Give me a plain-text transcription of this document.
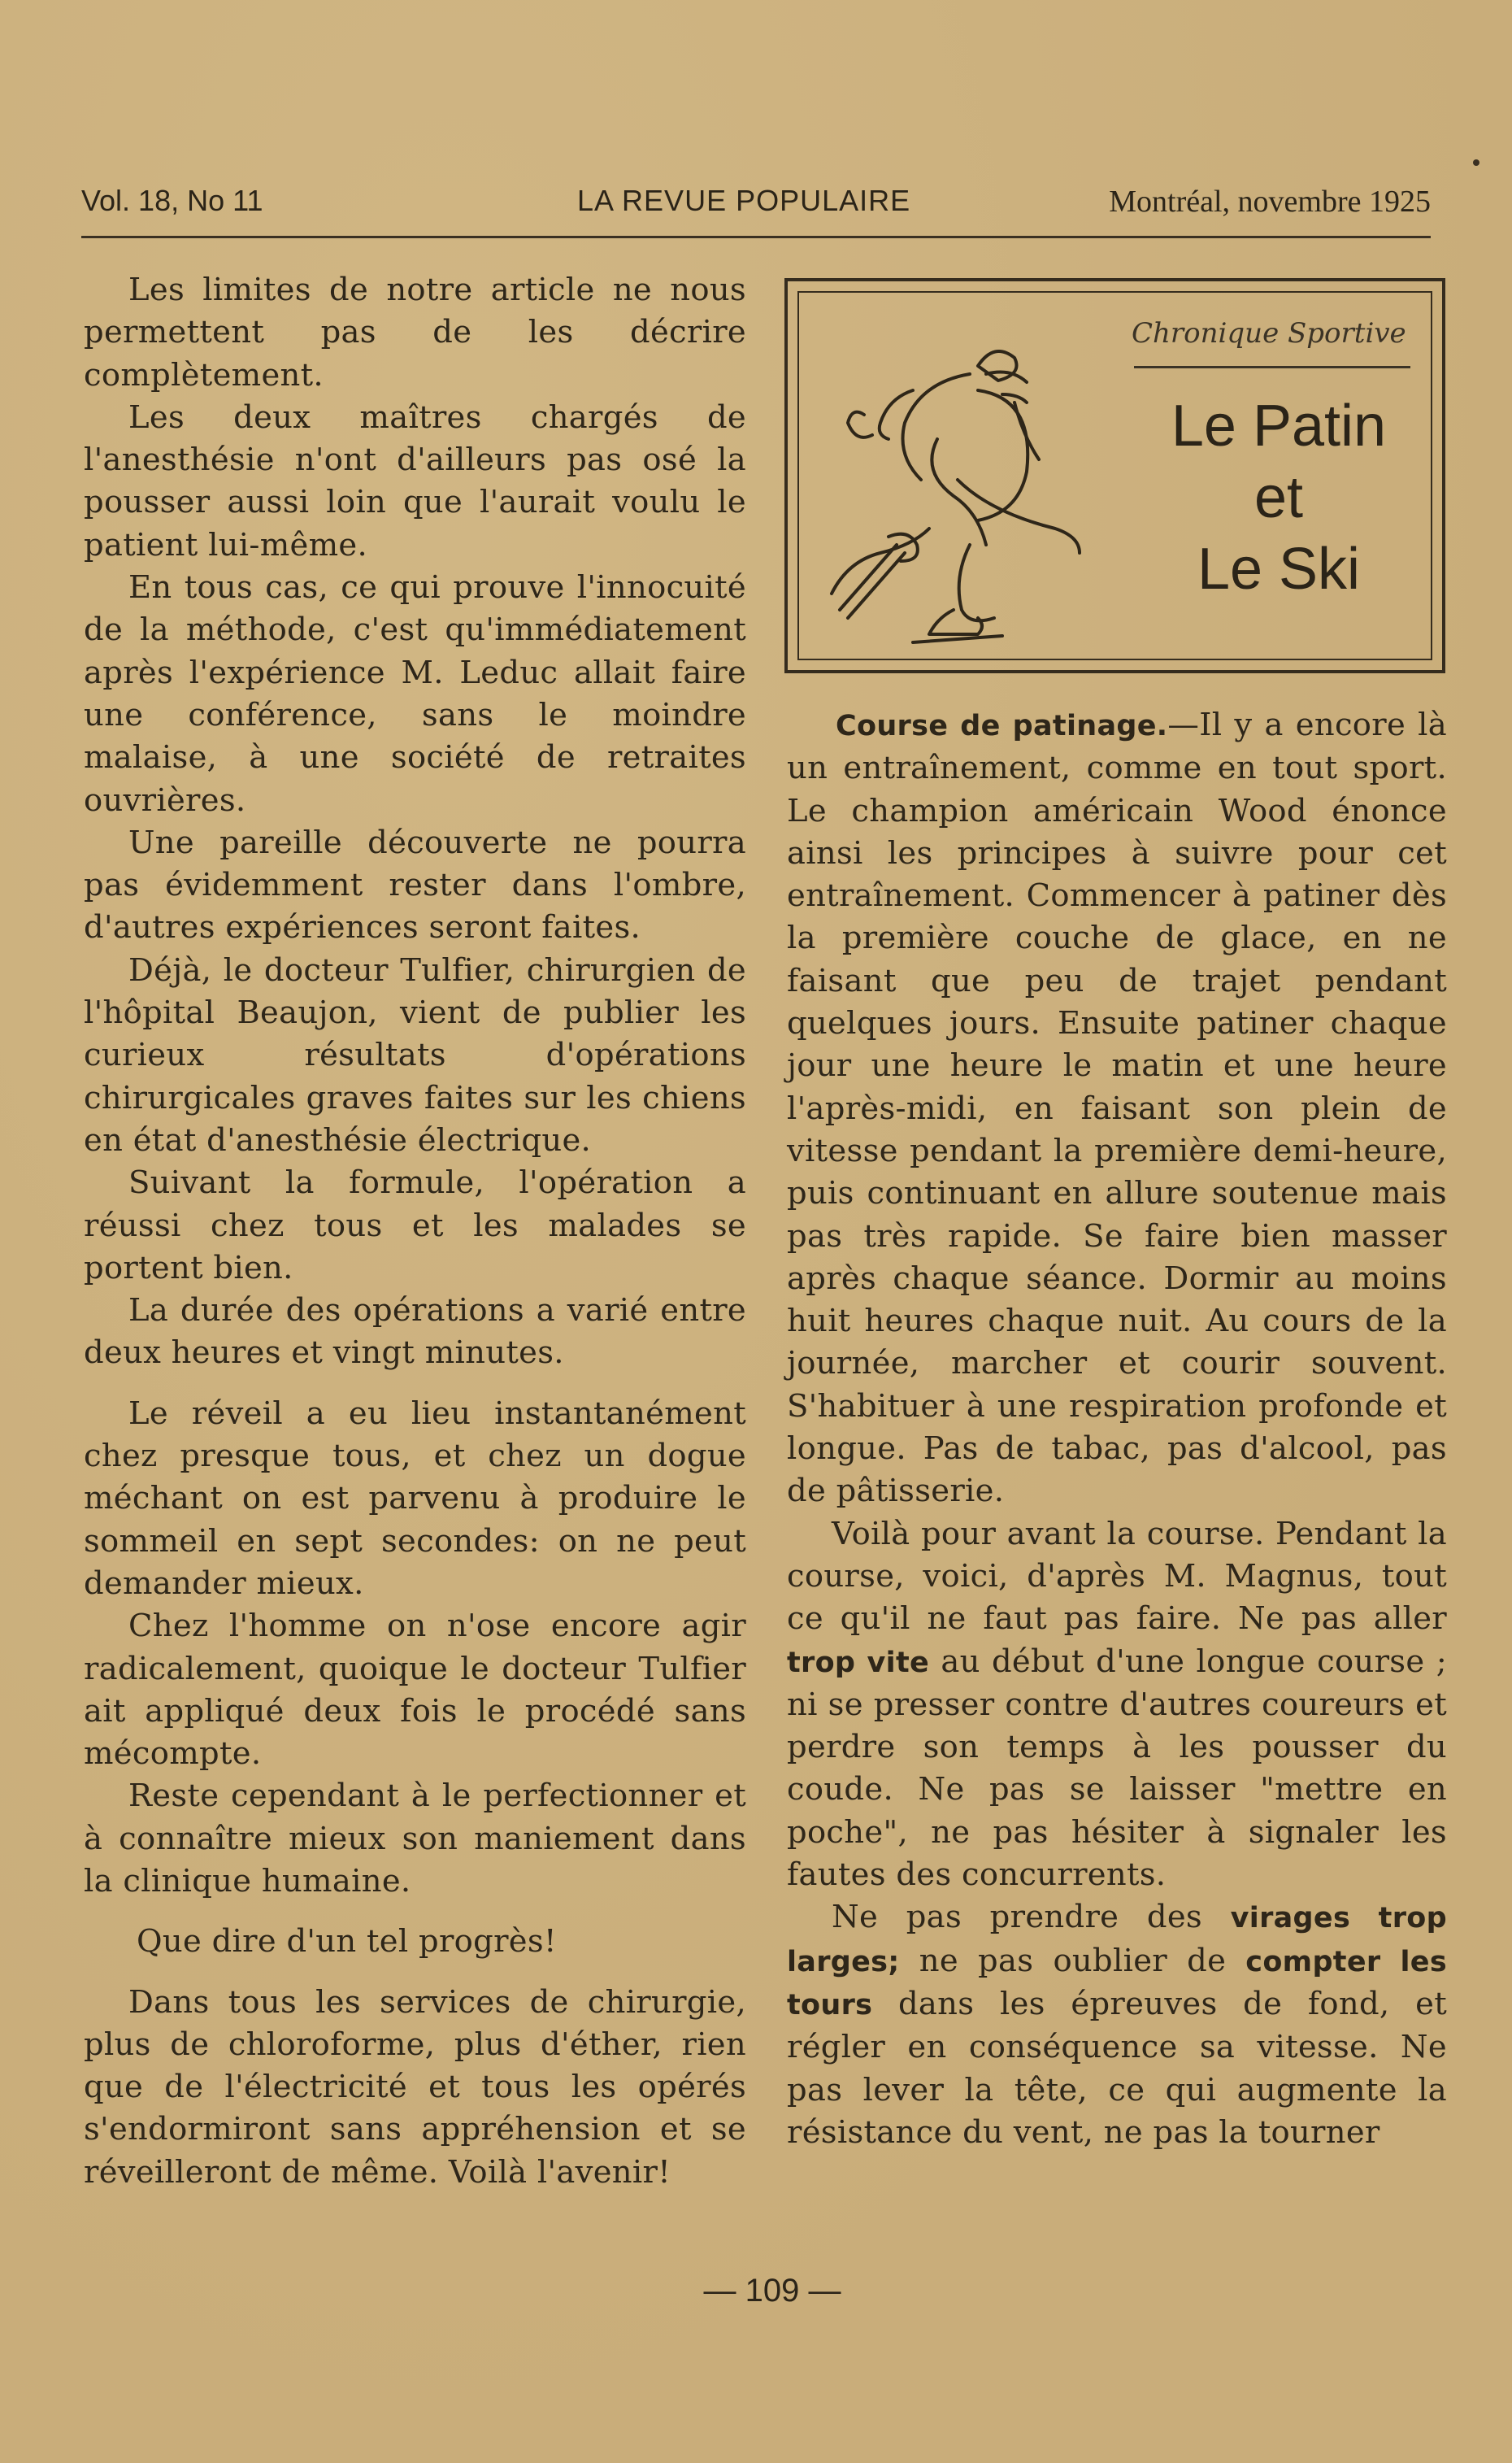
Vol. 18, No 11	LA REVUE POPULAIRE	Montréal, novembre 1925

Les limites de notre article ne nous permettent pas de les décrire complètement.

Les deux maîtres chargés de l'anesthésie n'ont d'ailleurs pas osé la pousser aussi loin que l'aurait voulu le patient lui-même.

En tous cas, ce qui prouve l'innocuité de la méthode, c'est qu'immédiatement après l'expérience M. Leduc allait faire une conférence, sans le moindre malaise, à une société de retraites ouvrières.

Une pareille découverte ne pourra pas évidemment rester dans l'ombre, d'autres expériences seront faites.

Déjà, le docteur Tulfier, chirurgien de l'hôpital Beaujon, vient de publier les curieux résultats d'opérations chirurgicales graves faites sur les chiens en état d'anesthésie électrique.

Suivant la formule, l'opération a réussi chez tous et les malades se portent bien.

La durée des opérations a varié entre deux heures et vingt minutes.

Le réveil a eu lieu instantanément chez presque tous, et chez un dogue méchant on est parvenu à produire le sommeil en sept secondes: on ne peut demander mieux.

Chez l'homme on n'ose encore agir radicalement, quoique le docteur Tulfier ait appliqué deux fois le procédé sans mécompte.

Reste cependant à le perfectionner et à connaître mieux son maniement dans la clinique humaine.

Que dire d'un tel progrès!

Dans tous les services de chirurgie, plus de chloroforme, plus d'éther, rien que de l'électricité et tous les opérés s'endormiront sans appréhension et se réveilleront de même. Voilà l'avenir!

Chronique Sportive
Le Patin
et
Le Ski

Course de patinage.—Il y a encore là un entraînement, comme en tout sport. Le champion américain Wood énonce ainsi les principes à suivre pour cet entraînement. Commencer à patiner dès la première couche de glace, en ne faisant que peu de trajet pendant quelques jours. Ensuite patiner chaque jour une heure le matin et une heure l'après-midi, en faisant son plein de vitesse pendant la première demi-heure, puis continuant en allure soutenue mais pas très rapide. Se faire bien masser après chaque séance. Dormir au moins huit heures chaque nuit. Au cours de la journée, marcher et courir souvent. S'habituer à une respiration profonde et longue. Pas de tabac, pas d'alcool, pas de pâtisserie.

Voilà pour avant la course. Pendant la course, voici, d'après M. Magnus, tout ce qu'il ne faut pas faire. Ne pas aller trop vite au début d'une longue course ; ni se presser contre d'autres coureurs et perdre son temps à les pousser du coude. Ne pas se laisser "mettre en poche", ne pas hésiter à signaler les fautes des concurrents.

Ne pas prendre des virages trop larges; ne pas oublier de compter les tours dans les épreuves de fond, et régler en conséquence sa vitesse. Ne pas lever la tête, ce qui augmente la résistance du vent, ne pas la tourner

— 109 —
